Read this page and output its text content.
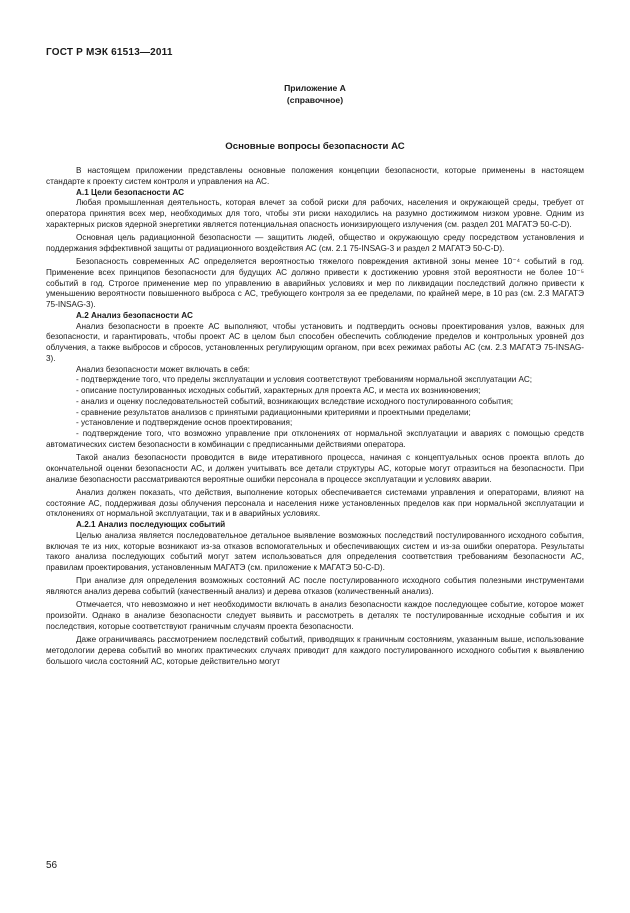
ГОСТ Р МЭК 61513—2011
Приложение А
(справочное)
Основные вопросы безопасности АС

В настоящем приложении представлены основные положения концепции безопасности, которые применены в настоящем стандарте к проекту систем контроля и управления на АС.

А.1 Цели безопасности АС

Любая промышленная деятельность, которая влечет за собой риски для рабочих, населения и окружающей среды, требует от оператора принятия всех мер, необходимых для того, чтобы эти риски находились на разумно достижимом низком уровне. Одним из характерных рисков ядерной энергетики является потенциальная опасность ионизирующего излучения (см. раздел 201 МАГАТЭ 50-С-D).

Основная цель радиационной безопасности — защитить людей, общество и окружающую среду посредством установления и поддержания эффективной защиты от радиационного воздействия АС (см. 2.1 75-INSAG-3 и раздел 2 МАГАТЭ 50-С-D).

Безопасность современных АС определяется вероятностью тяжелого повреждения активной зоны менее 10⁻⁴ событий в год. Применение всех принципов безопасности для будущих АС должно привести к достижению уровня этой вероятности не более 10⁻⁵ событий в год. Строгое применение мер по управлению в аварийных условиях и мер по ликвидации последствий должно привести к уменьшению вероятности повышенного выброса с АС, требующего контроля за ее пределами, по крайней мере, в 10 раз (см. 2.3 МАГАТЭ 75-INSAG-3).

А.2 Анализ безопасности АС

Анализ безопасности в проекте АС выполняют, чтобы установить и подтвердить основы проектирования узлов, важных для безопасности, и гарантировать, чтобы проект АС в целом был способен обеспечить соблюдение пределов и контрольных уровней доз облучения, а также выбросов и сбросов, установленных регулирующим органом, при всех режимах работы АС (см. 2.3 МАГАТЭ 75-INSAG-3).

Анализ безопасности может включать в себя:

- подтверждение того, что пределы эксплуатации и условия соответствуют требованиям нормальной эксплуатации АС;

- описание постулированных исходных событий, характерных для проекта АС, и места их возникновения;

- анализ и оценку последовательностей событий, возникающих вследствие исходного постулированного события;

- сравнение результатов анализов с принятыми радиационными критериями и проектными пределами;

- установление и подтверждение основ проектирования;

- подтверждение того, что возможно управление при отклонениях от нормальной эксплуатации и авариях с помощью средств автоматических систем безопасности в комбинации с предписанными действиями оператора.

Такой анализ безопасности проводится в виде итеративного процесса, начиная с концептуальных основ проекта вплоть до окончательной оценки безопасности АС, и должен учитывать все детали структуры АС, которые могут отразиться на безопасности. При анализе безопасности рассматриваются вероятные ошибки персонала в процессе эксплуатации и условиях аварии.

Анализ должен показать, что действия, выполнение которых обеспечивается системами управления и операторами, влияют на состояние АС, поддерживая дозы облучения персонала и населения ниже установленных пределов как при нормальной эксплуатации и отклонениях от нормальной эксплуатации, так и в аварийных условиях.

А.2.1 Анализ последующих событий

Целью анализа является последовательное детальное выявление возможных последствий постулированного исходного события, включая те из них, которые возникают из-за отказов вспомогательных и обеспечивающих систем и из-за ошибки оператора. Результаты такого анализа последующих событий могут затем использоваться для определения соответствия требованиям безопасности АС, правилам проектирования, установленным МАГАТЭ (см. приложение к МАГАТЭ 50-С-D).

При анализе для определения возможных состояний АС после постулированного исходного события полезными инструментами являются анализ дерева событий (качественный анализ) и дерева отказов (количественный анализ).

Отмечается, что невозможно и нет необходимости включать в анализ безопасности каждое последующее событие, которое может произойти. Однако в анализе безопасности следует выявить и рассмотреть в деталях те постулированные исходные события и их последствия, которые соответствуют граничным случаям проекта безопасности.

Даже ограничиваясь рассмотрением последствий событий, приводящих к граничным состояниям, указанным выше, использование методологии дерева событий во многих практических случаях приводит для каждого постулированного исходного события к выявлению большого числа состояний АС, которые действительно могут

56
